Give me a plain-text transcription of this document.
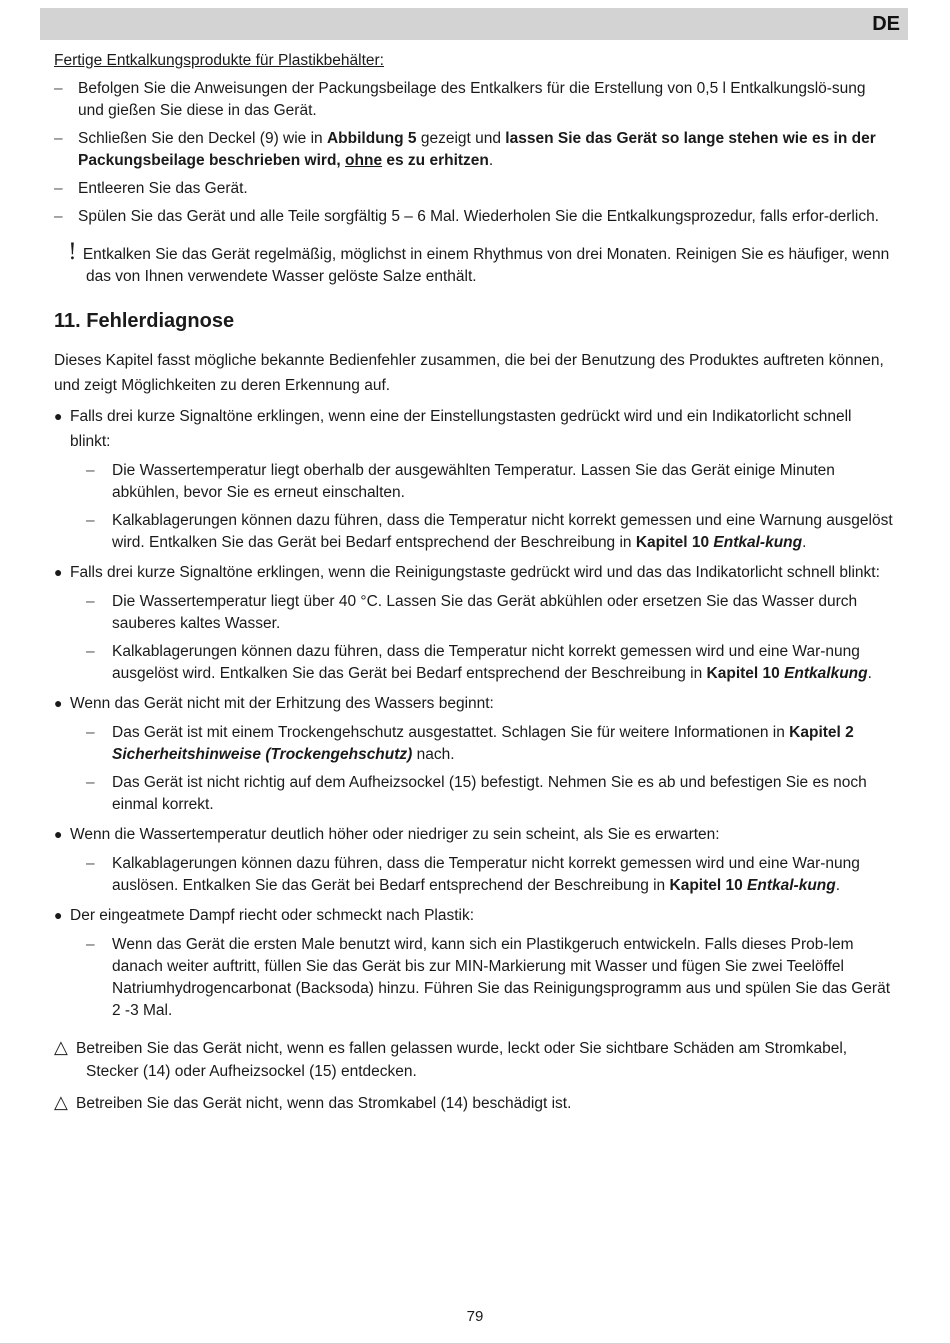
DE

Fertige Entkalkungsprodukte für Plastikbehälter:

– Befolgen Sie die Anweisungen der Packungsbeilage des Entkalkers für die Erstellung von 0,5 l Entkalkungslö-sung und gießen Sie diese in das Gerät.
– Schließen Sie den Deckel (9) wie in Abbildung 5 gezeigt und lassen Sie das Gerät so lange stehen wie es in der Packungsbeilage beschrieben wird, ohne es zu erhitzen.
– Entleeren Sie das Gerät.
– Spülen Sie das Gerät und alle Teile sorgfältig 5 – 6 Mal. Wiederholen Sie die Entkalkungsprozedur, falls erfor-derlich.
! Entkalken Sie das Gerät regelmäßig, möglichst in einem Rhythmus von drei Monaten. Reinigen Sie es häufiger, wenn das von Ihnen verwendete Wasser gelöste Salze enthält.
11. Fehlerdiagnose

Dieses Kapitel fasst mögliche bekannte Bedienfehler zusammen, die bei der Benutzung des Produktes auftreten können, und zeigt Möglichkeiten zu deren Erkennung auf.

● Falls drei kurze Signaltöne erklingen, wenn eine der Einstellungstasten gedrückt wird und ein Indikatorlicht schnell blinkt:
–	Die Wassertemperatur liegt oberhalb der ausgewählten Temperatur. Lassen Sie das Gerät einige Minuten abkühlen, bevor Sie es erneut einschalten.
–	Kalkablagerungen können dazu führen, dass die Temperatur nicht korrekt gemessen und eine Warnung ausgelöst wird. Entkalken Sie das Gerät bei Bedarf entsprechend der Beschreibung in Kapitel 10 Entkal-kung.
● Falls drei kurze Signaltöne erklingen, wenn die Reinigungstaste gedrückt wird und das das Indikatorlicht schnell blinkt:
–	Die Wassertemperatur liegt über 40 °C. Lassen Sie das Gerät abkühlen oder ersetzen Sie das Wasser durch sauberes kaltes Wasser.
–	Kalkablagerungen können dazu führen, dass die Temperatur nicht korrekt gemessen wird und eine War-nung ausgelöst wird. Entkalken Sie das Gerät bei Bedarf entsprechend der Beschreibung in Kapitel 10 Entkalkung.
● Wenn das Gerät nicht mit der Erhitzung des Wassers beginnt:
–	Das Gerät ist mit einem Trockengehschutz ausgestattet. Schlagen Sie für weitere Informationen in Kapitel 2 Sicherheitshinweise (Trockengehschutz) nach.
–	Das Gerät ist nicht richtig auf dem Aufheizsockel (15) befestigt. Nehmen Sie es ab und befestigen Sie es noch einmal korrekt.
● Wenn die Wassertemperatur deutlich höher oder niedriger zu sein scheint, als Sie es erwarten:
–	Kalkablagerungen können dazu führen, dass die Temperatur nicht korrekt gemessen wird und eine War-nung auslösen. Entkalken Sie das Gerät bei Bedarf entsprechend der Beschreibung in Kapitel 10 Entkal-kung.
● Der eingeatmete Dampf riecht oder schmeckt nach Plastik:
–	Wenn das Gerät die ersten Male benutzt wird, kann sich ein Plastikgeruch entwickeln. Falls dieses Prob-lem danach weiter auftritt, füllen Sie das Gerät bis zur MIN-Markierung mit Wasser und fügen Sie zwei Teelöffel Natriumhydrogencarbonat (Backsoda) hinzu. Führen Sie das Reinigungsprogramm aus und spülen Sie das Gerät 2 -3 Mal.
△ Betreiben Sie das Gerät nicht, wenn es fallen gelassen wurde, leckt oder Sie sichtbare Schäden am Stromkabel, Stecker (14) oder Aufheizsockel (15) entdecken.
△ Betreiben Sie das Gerät nicht, wenn das Stromkabel (14) beschädigt ist.
79
